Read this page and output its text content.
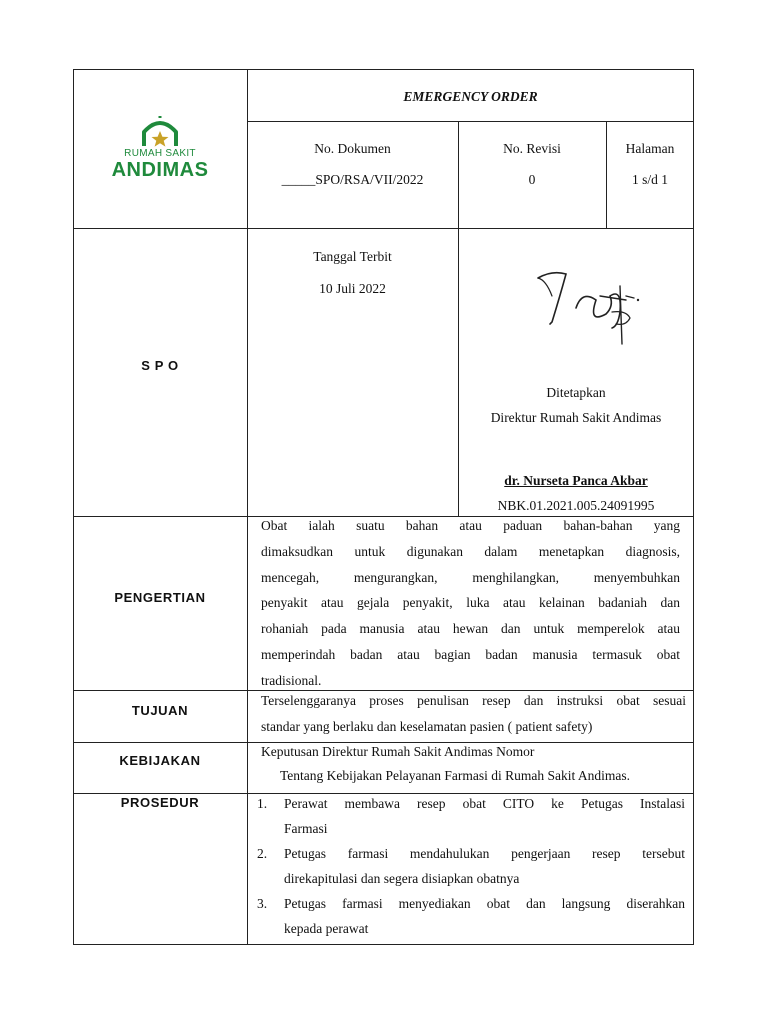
RUMAH SAKIT
ANDIMAS
EMERGENCY ORDER
No. Dokumen
_____SPO/RSA/VII/2022
No. Revisi
0
Halaman
1 s/d 1
S P O
Tanggal Terbit
10 Juli 2022
Ditetapkan
Direktur Rumah Sakit Andimas
dr. Nurseta Panca Akbar
NBK.01.2021.005.24091995
PENGERTIAN
Obat ialah suatu bahan atau paduan bahan-bahan yang
dimaksudkan untuk digunakan dalam menetapkan diagnosis,
mencegah, mengurangkan, menghilangkan, menyembuhkan
penyakit atau gejala penyakit, luka atau kelainan badaniah dan
rohaniah pada manusia atau hewan dan untuk memperelok atau
memperindah badan atau bagian badan manusia termasuk obat
tradisional.
TUJUAN
Terselenggaranya proses penulisan resep dan instruksi obat sesuai
standar yang berlaku dan keselamatan pasien ( patient safety)
KEBIJAKAN
Keputusan Direktur Rumah Sakit Andimas Nomor
Tentang Kebijakan Pelayanan Farmasi di Rumah Sakit Andimas.
PROSEDUR	1. Perawat membawa resep obat CITO ke Petugas Instalasi
Farmasi
2. Petugas farmasi mendahulukan pengerjaan resep tersebut
direkapitulasi dan segera disiapkan obatnya
3. Petugas farmasi menyediakan obat dan langsung diserahkan
kepada perawat
